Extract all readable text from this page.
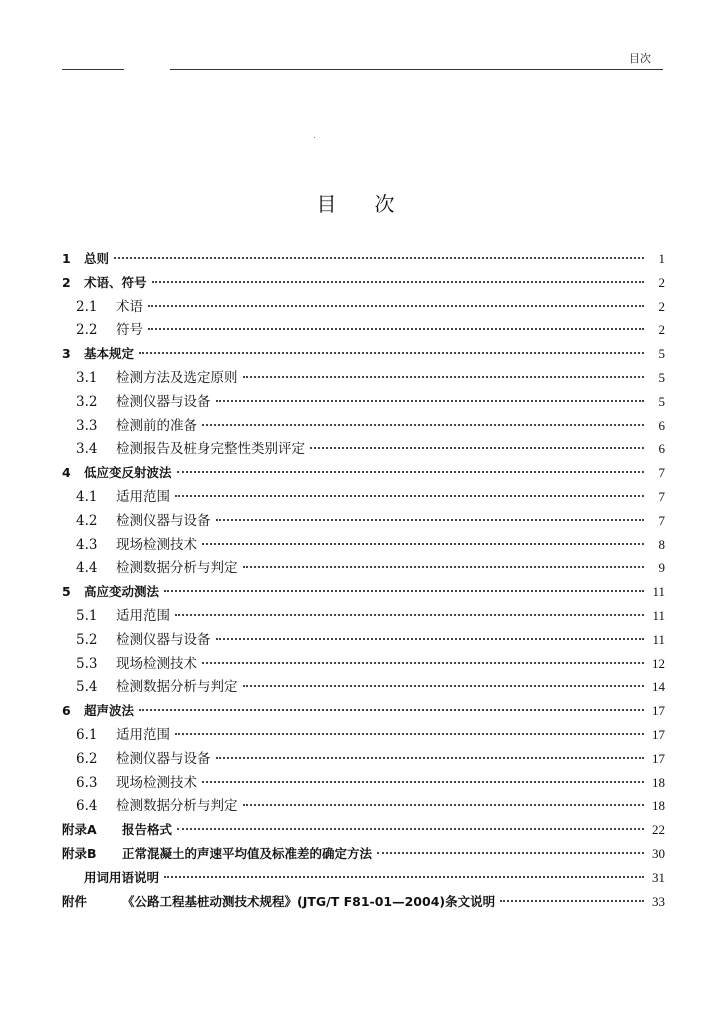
目次
目次
1	总则	1
2	术语、符号	2
2.1	术语	2
2.2	符号	2
3	基本规定	5
3.1	检测方法及选定原则	5
3.2	检测仪器与设备	5
3.3	检测前的准备	6
3.4	检测报告及桩身完整性类别评定	6
4	低应变反射波法	7
4.1	适用范围	7
4.2	检测仪器与设备	7
4.3	现场检测技术	8
4.4	检测数据分析与判定	9
5	高应变动测法	11
5.1	适用范围	11
5.2	检测仪器与设备	11
5.3	现场检测技术	12
5.4	检测数据分析与判定	14
6	超声波法	17
6.1	适用范围	17
6.2	检测仪器与设备	17
6.3	现场检测技术	18
6.4	检测数据分析与判定	18
附录A	报告格式	22
附录B	正常混凝土的声速平均值及标准差的确定方法	30
用词用语说明	31
附件	《公路工程基桩动测技术规程》(JTG/T F81-01—2004)条文说明	33
